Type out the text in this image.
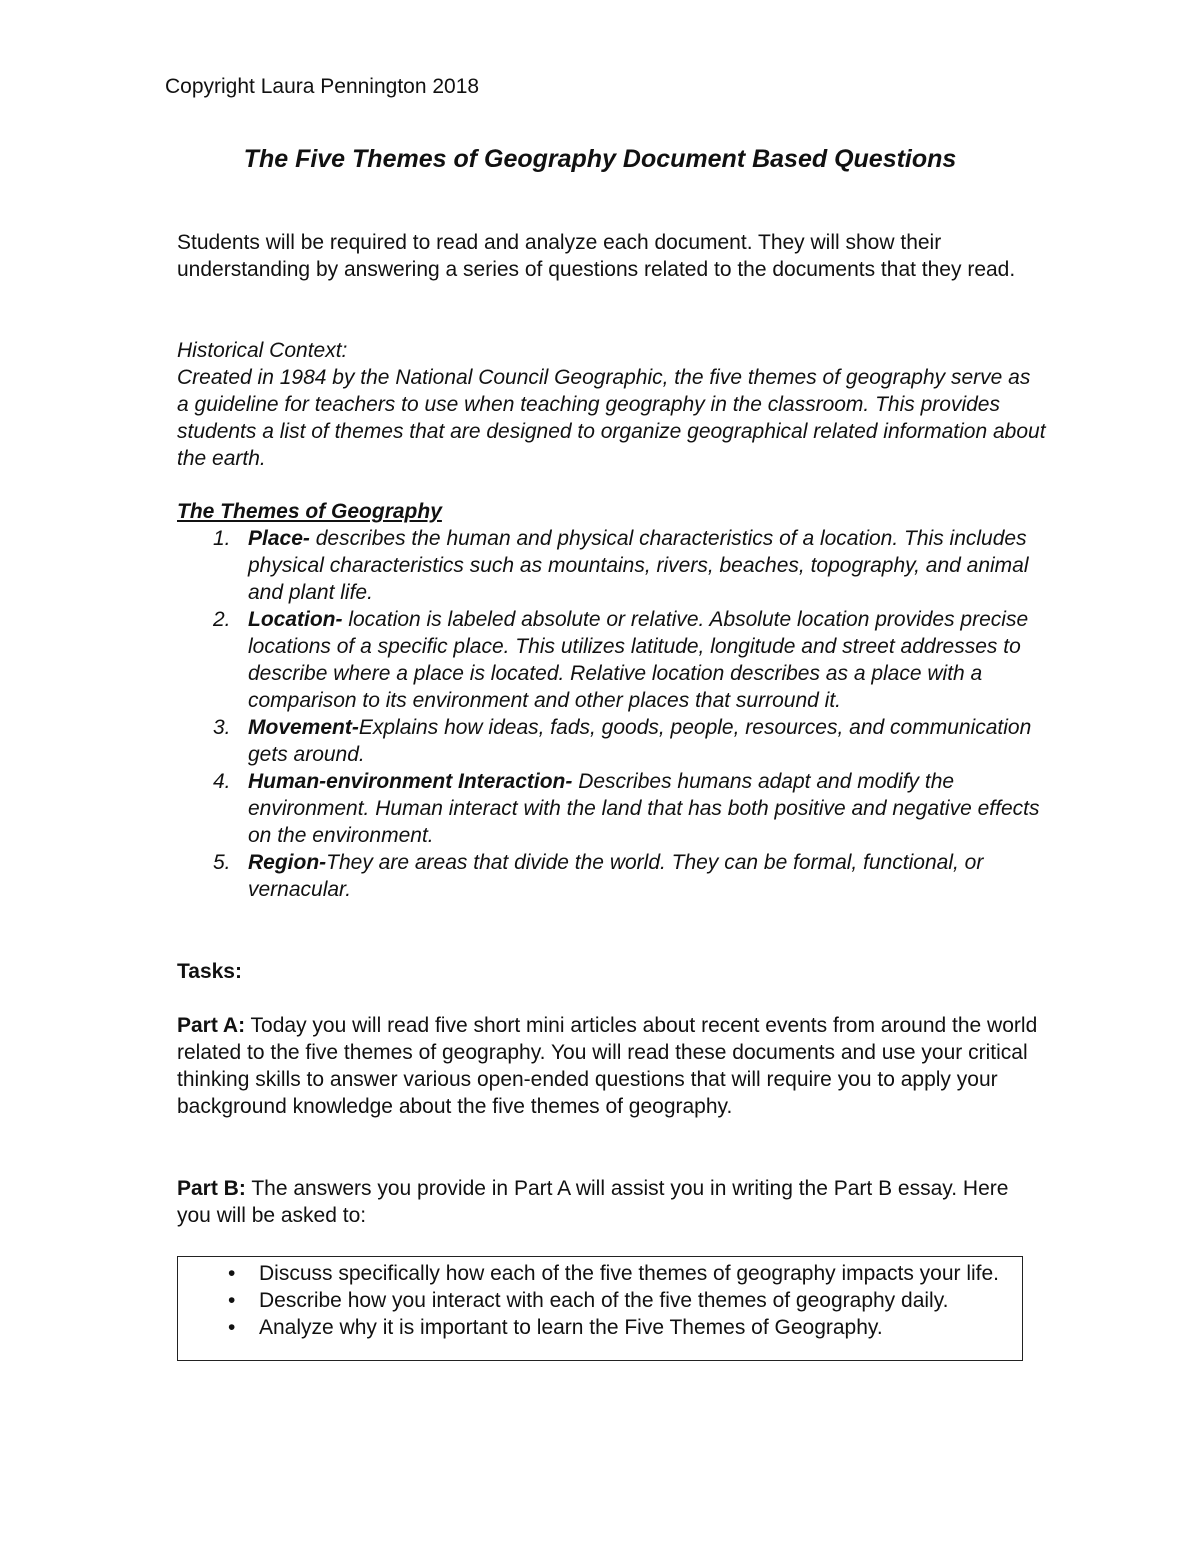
Copyright Laura Pennington 2018
The Five Themes of Geography Document Based Questions
Students will be required to read and analyze each document. They will show their understanding by answering a series of questions related to the documents that they read.
Historical Context:
Created in 1984 by the National Council Geographic, the five themes of geography serve as a guideline for teachers to use when teaching geography in the classroom. This provides students a list of themes that are designed to organize geographical related information about the earth.
The Themes of Geography
1. Place- describes the human and physical characteristics of a location. This includes physical characteristics such as mountains, rivers, beaches, topography, and animal and plant life.
2. Location- location is labeled absolute or relative. Absolute location provides precise locations of a specific place. This utilizes latitude, longitude and street addresses to describe where a place is located. Relative location describes as a place with a comparison to its environment and other places that surround it.
3. Movement-Explains how ideas, fads, goods, people, resources, and communication gets around.
4. Human-environment Interaction- Describes humans adapt and modify the environment. Human interact with the land that has both positive and negative effects on the environment.
5. Region-They are areas that divide the world. They can be formal, functional, or vernacular.
Tasks:
Part A: Today you will read five short mini articles about recent events from around the world related to the five themes of geography. You will read these documents and use your critical thinking skills to answer various open-ended questions that will require you to apply your background knowledge about the five themes of geography.
Part B: The answers you provide in Part A will assist you in writing the Part B essay. Here you will be asked to:
• Discuss specifically how each of the five themes of geography impacts your life.
• Describe how you interact with each of the five themes of geography daily.
• Analyze why it is important to learn the Five Themes of Geography.
